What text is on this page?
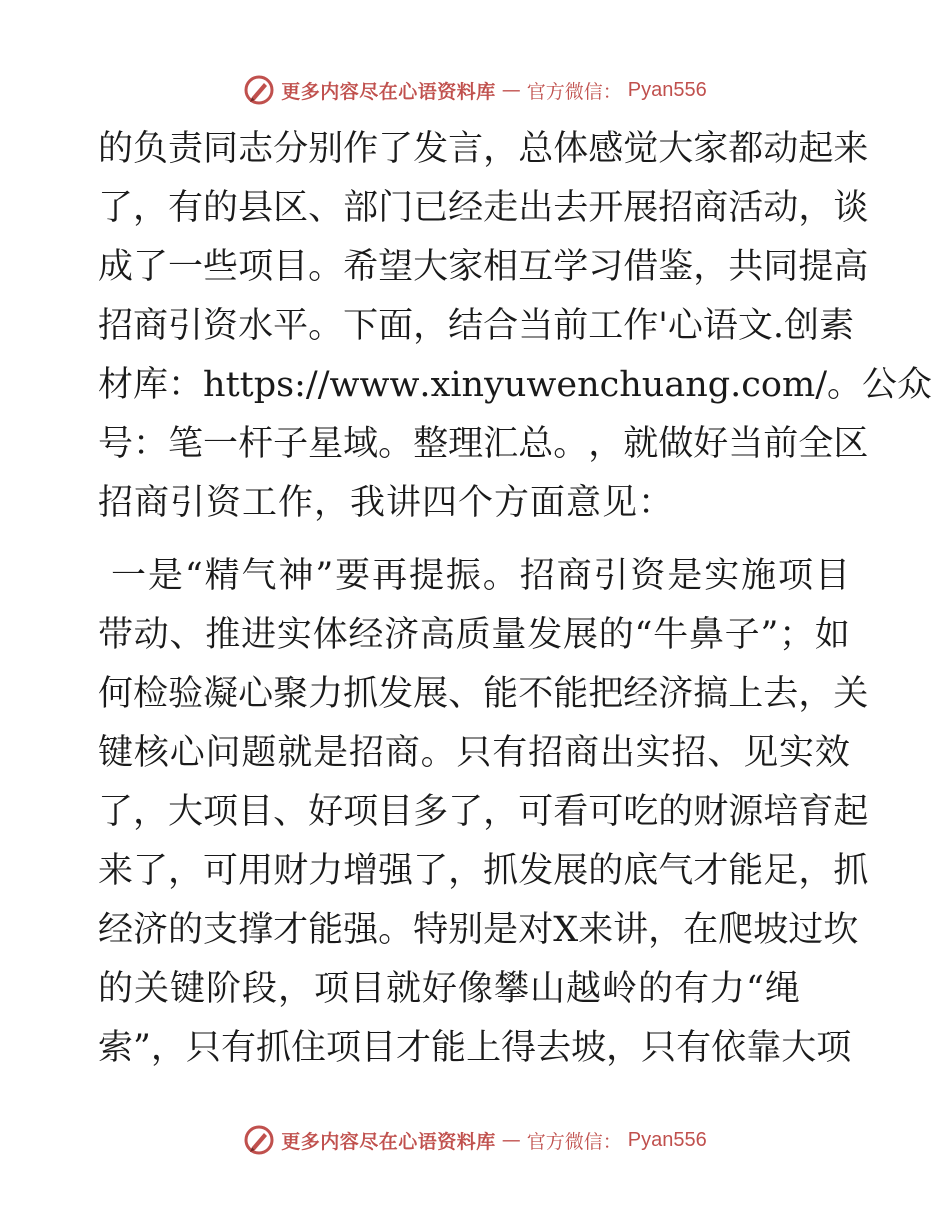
更多内容尽在心语资料库 — 官方微信： Pyan556
的 负 责 同 志 分 别 作 了 发 言 ， 总 体 感 觉 大 家 都 动 起 来
了 ， 有 的 县 区 、 部 门 已 经 走 出 去 开 展 招 商 活 动 ， 谈
成 了 一 些 项 目 。 希 望 大 家 相 互 学 习 借 鉴 ， 共 同 提 高
招 商 引 资 水 平 。 下 面 ， 结 合 当 前 工 作 ' 心 语 文 . 创 素
材 库 ： h t t p s : / / w w w . x i n y u w e n c h u a n g . c o m / 。 公 众
号 ： 笔 一 杆 子 星 域 。 整 理 汇 总 。 ， 就 做 好 当 前 全 区
招商引资工作，我讲四个方面意见：

一 是 “ 精 气 神 ” 要 再 提 振 。 招 商 引 资 是 实 施 项 目
带 动 、 推 进 实 体 经 济 高 质 量 发 展 的 “ 牛 鼻 子 ” ； 如
何 检 验 凝 心 聚 力 抓 发 展 、 能 不 能 把 经 济 搞 上 去 ， 关
键 核 心 问 题 就 是 招 商 。 只 有 招 商 出 实 招 、 见 实 效
了 ， 大 项 目 、 好 项 目 多 了 ， 可 看 可 吃 的 财 源 培 育 起
来 了 ， 可 用 财 力 增 强 了 ， 抓 发 展 的 底 气 才 能 足 ， 抓
经 济 的 支 撑 才 能 强 。 特 别 是 对 X 来 讲 ， 在 爬 坡 过 坎
的关键阶段，项目就好像攀山越岭的有力“绳
索 ” ， 只 有 抓 住 项 目 才 能 上 得 去 坡 ， 只 有 依 靠 大 项
更多内容尽在心语资料库 — 官方微信： Pyan556
